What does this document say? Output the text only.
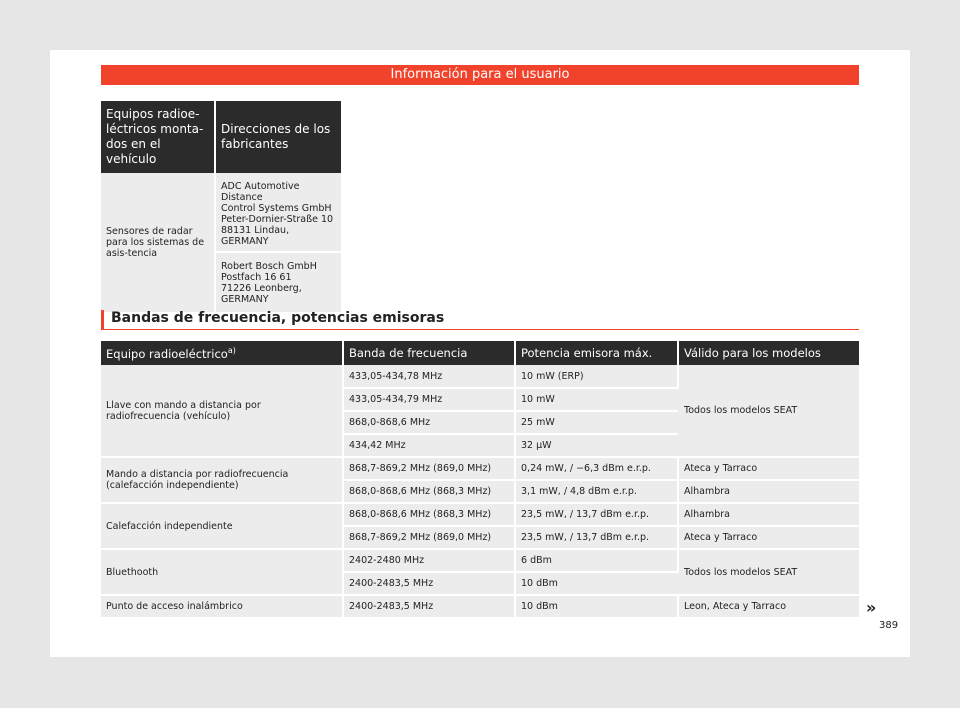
Información para el usuario
Equipos radioe-léctricos monta-dos en el vehículo	Direcciones de los fabricantes
Sensores de radar para los sistemas de asis-tencia	ADC Automotive Distance
Control Systems GmbH
Peter-Dornier-Straße 10
88131 Lindau, GERMANY

	Robert Bosch GmbH
Postfach 16 61
71226 Leonberg,
GERMANY
Bandas de frecuencia, potencias emisoras
Equipo radioeléctrico$^{a)}$	Banda de frecuencia	Potencia emisora máx.	Válido para los modelos
Llave con mando a distancia por radiofrecuencia (vehículo)	433,05-434,78 MHz	10 mW (ERP)	Todos los modelos SEAT
	433,05-434,79 MHz	10 mW	
	868,0-868,6 MHz	25 mW	
	434,42 MHz	32 µW	
Mando a distancia por radiofrecuencia (calefacción independiente)	868,7-869,2 MHz (869,0 MHz)	0,24 mW, / −6,3 dBm e.r.p.	Ateca y Tarraco
	868,0-868,6 MHz (868,3 MHz)	3,1 mW, / 4,8 dBm e.r.p.	Alhambra
Calefacción independiente	868,0-868,6 MHz (868,3 MHz)	23,5 mW, / 13,7 dBm e.r.p.	Alhambra
	868,7-869,2 MHz (869,0 MHz)	23,5 mW, / 13,7 dBm e.r.p.	Ateca y Tarraco
Bluethooth	2402-2480 MHz	6 dBm	Todos los modelos SEAT
	2400-2483,5 MHz	10 dBm	
Punto de acceso inalámbrico	2400-2483,5 MHz	10 dBm	Leon, Ateca y Tarraco	»
389
